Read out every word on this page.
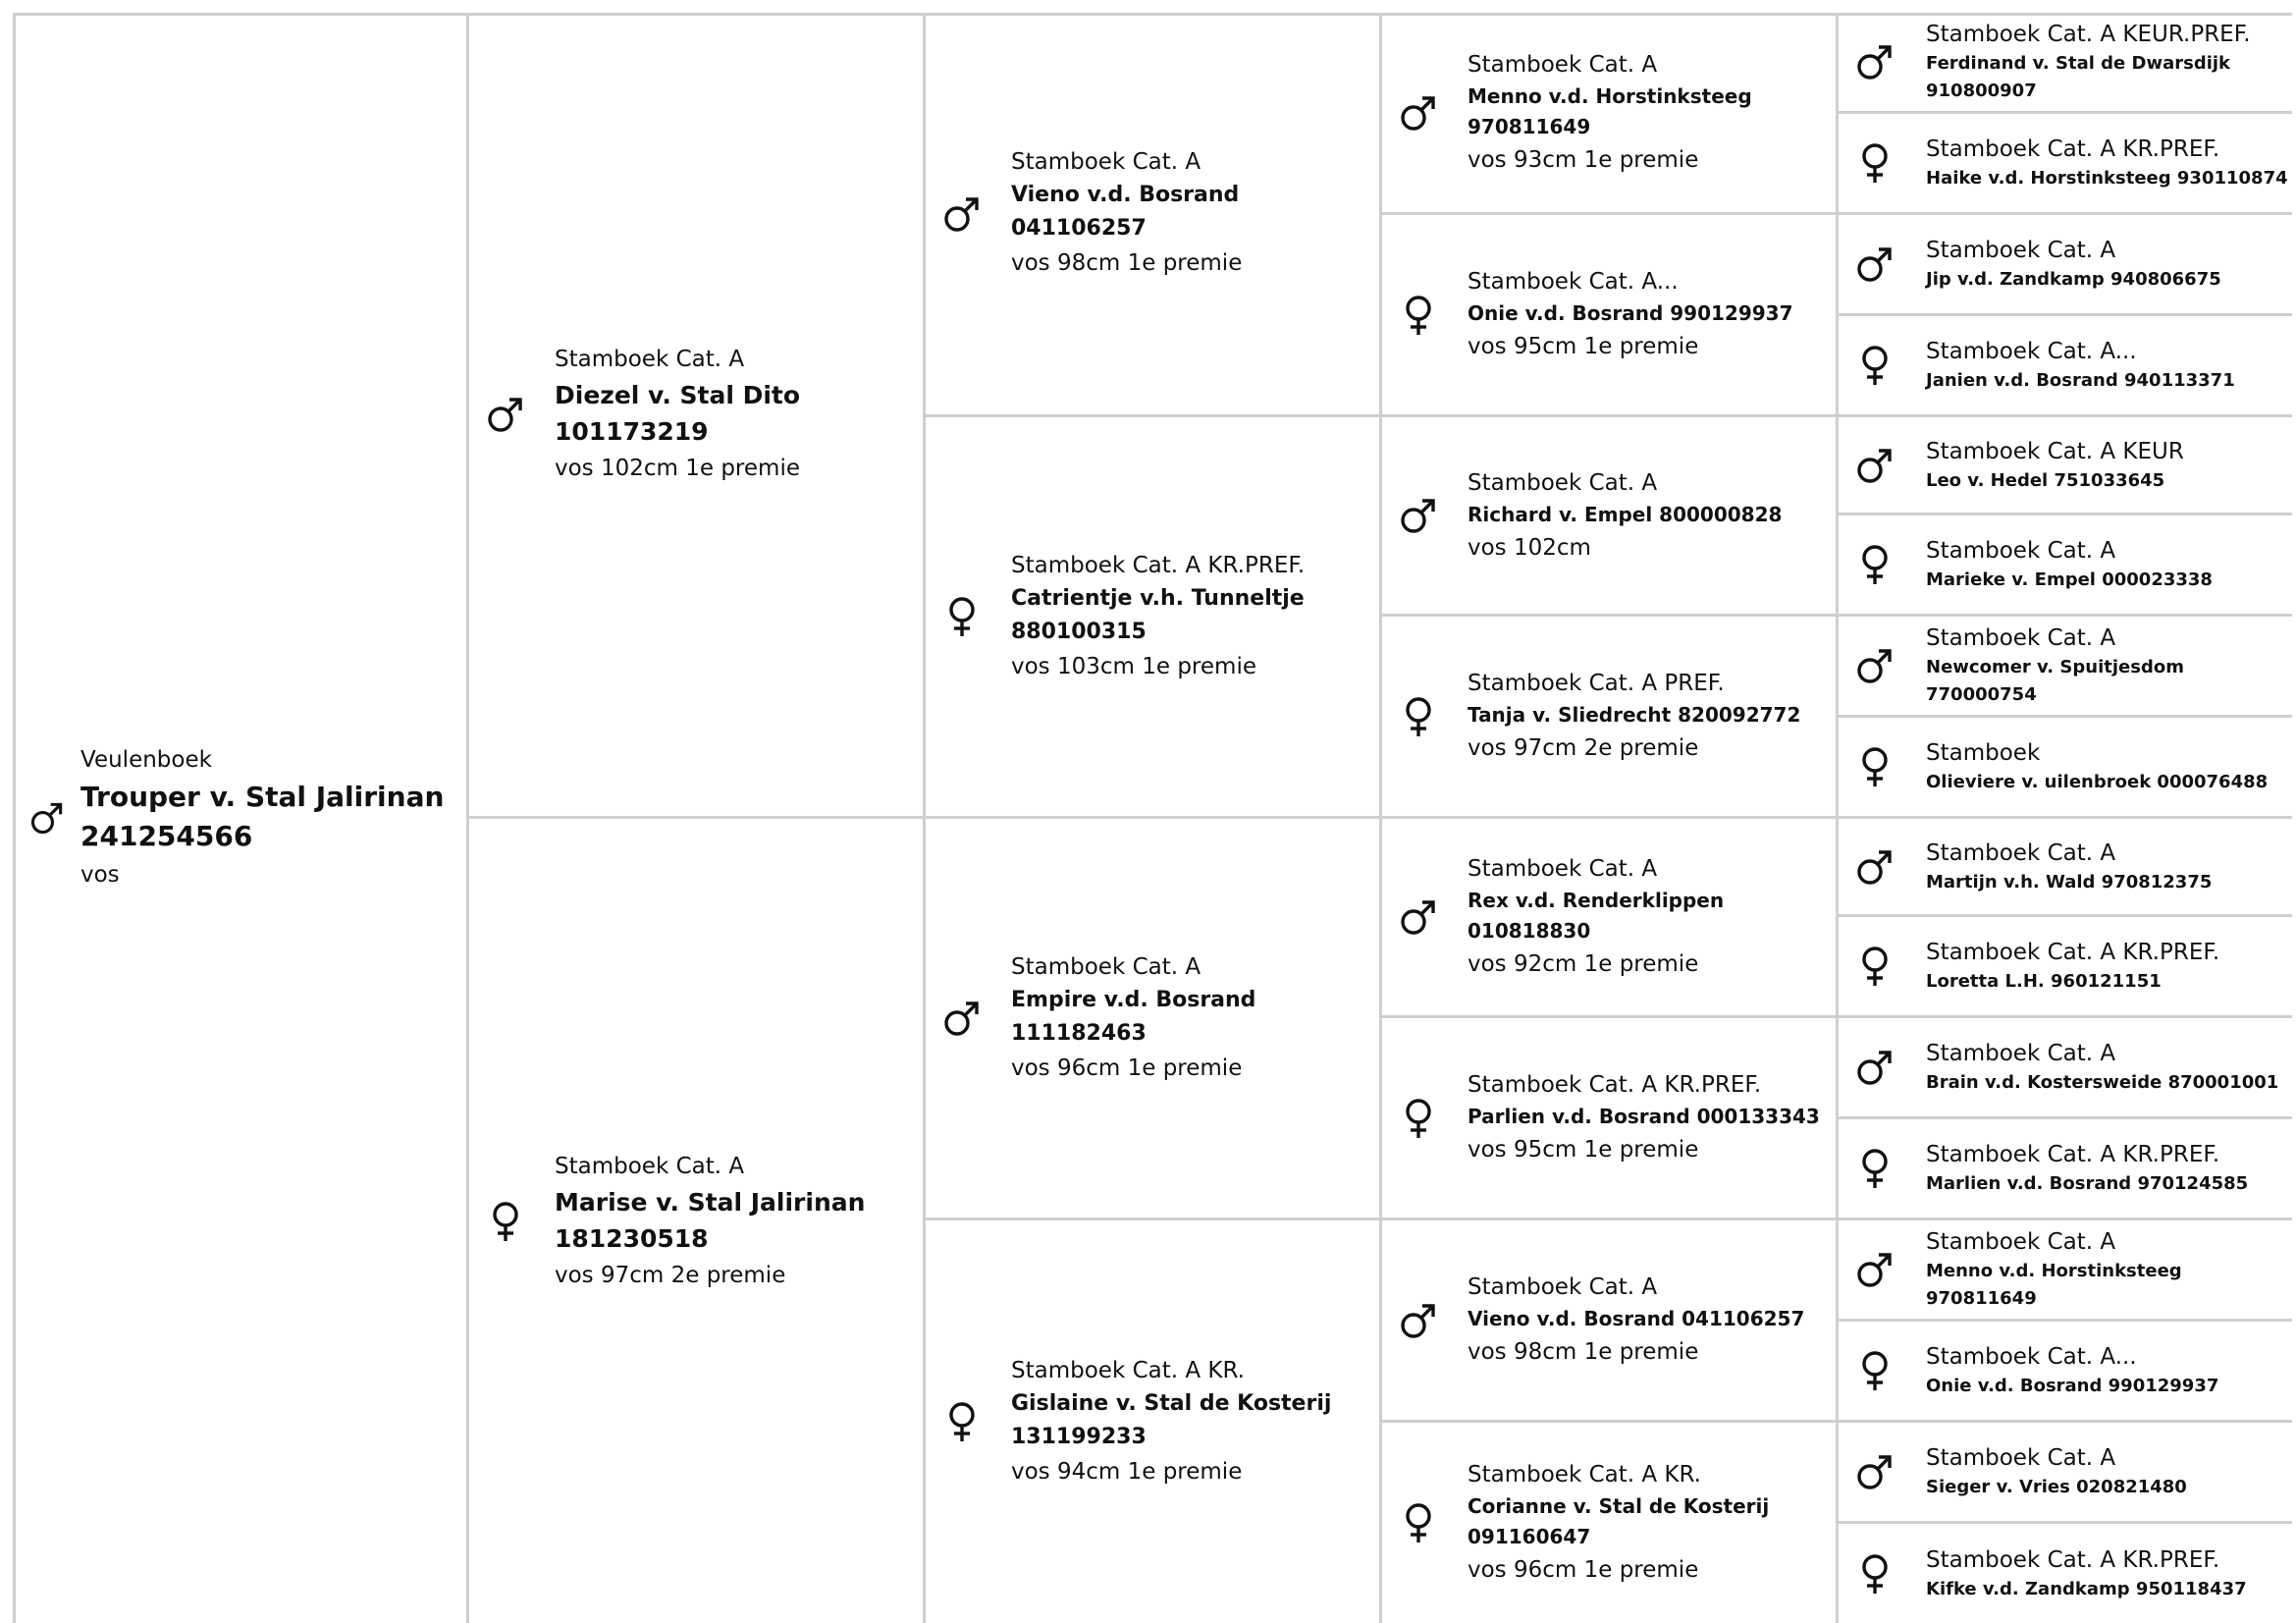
Veulenboek
Trouper v. Stal Jalirinan 241254566
vos
Stamboek Cat. A
Diezel v. Stal Dito 101173219
vos 102cm 1e premie
Stamboek Cat. A
Marise v. Stal Jalirinan 181230518
vos 97cm 2e premie
Stamboek Cat. A
Vieno v.d. Bosrand 041106257
vos 98cm 1e premie
Stamboek Cat. A KR.PREF.
Catrientje v.h. Tunneltje 880100315
vos 103cm 1e premie
Stamboek Cat. A
Empire v.d. Bosrand 111182463
vos 96cm 1e premie
Stamboek Cat. A KR.
Gislaine v. Stal de Kosterij 131199233
vos 94cm 1e premie
Stamboek Cat. A
Menno v.d. Horstinksteeg 970811649
vos 93cm 1e premie
Stamboek Cat. A...
Onie v.d. Bosrand 990129937
vos 95cm 1e premie
Stamboek Cat. A
Richard v. Empel 800000828
vos 102cm
Stamboek Cat. A PREF.
Tanja v. Sliedrecht 820092772
vos 97cm 2e premie
Stamboek Cat. A
Rex v.d. Renderklippen 010818830
vos 92cm 1e premie
Stamboek Cat. A KR.PREF.
Parlien v.d. Bosrand 000133343
vos 95cm 1e premie
Stamboek Cat. A
Vieno v.d. Bosrand 041106257
vos 98cm 1e premie
Stamboek Cat. A KR.
Corianne v. Stal de Kosterij 091160647
vos 96cm 1e premie
Stamboek Cat. A KEUR.PREF.
Ferdinand v. Stal de Dwarsdijk 910800907
Stamboek Cat. A KR.PREF.
Haike v.d. Horstinksteeg 930110874
Stamboek Cat. A
Jip v.d. Zandkamp 940806675
Stamboek Cat. A...
Janien v.d. Bosrand 940113371
Stamboek Cat. A KEUR
Leo v. Hedel 751033645
Stamboek Cat. A
Marieke v. Empel 000023338
Stamboek Cat. A
Newcomer v. Spuitjesdom 770000754
Stamboek
Olieviere v. uilenbroek 000076488
Stamboek Cat. A
Martijn v.h. Wald 970812375
Stamboek Cat. A KR.PREF.
Loretta L.H. 960121151
Stamboek Cat. A
Brain v.d. Kostersweide 870001001
Stamboek Cat. A KR.PREF.
Marlien v.d. Bosrand 970124585
Stamboek Cat. A
Menno v.d. Horstinksteeg 970811649
Stamboek Cat. A...
Onie v.d. Bosrand 990129937
Stamboek Cat. A
Sieger v. Vries 020821480
Stamboek Cat. A KR.PREF.
Kifke v.d. Zandkamp 950118437
